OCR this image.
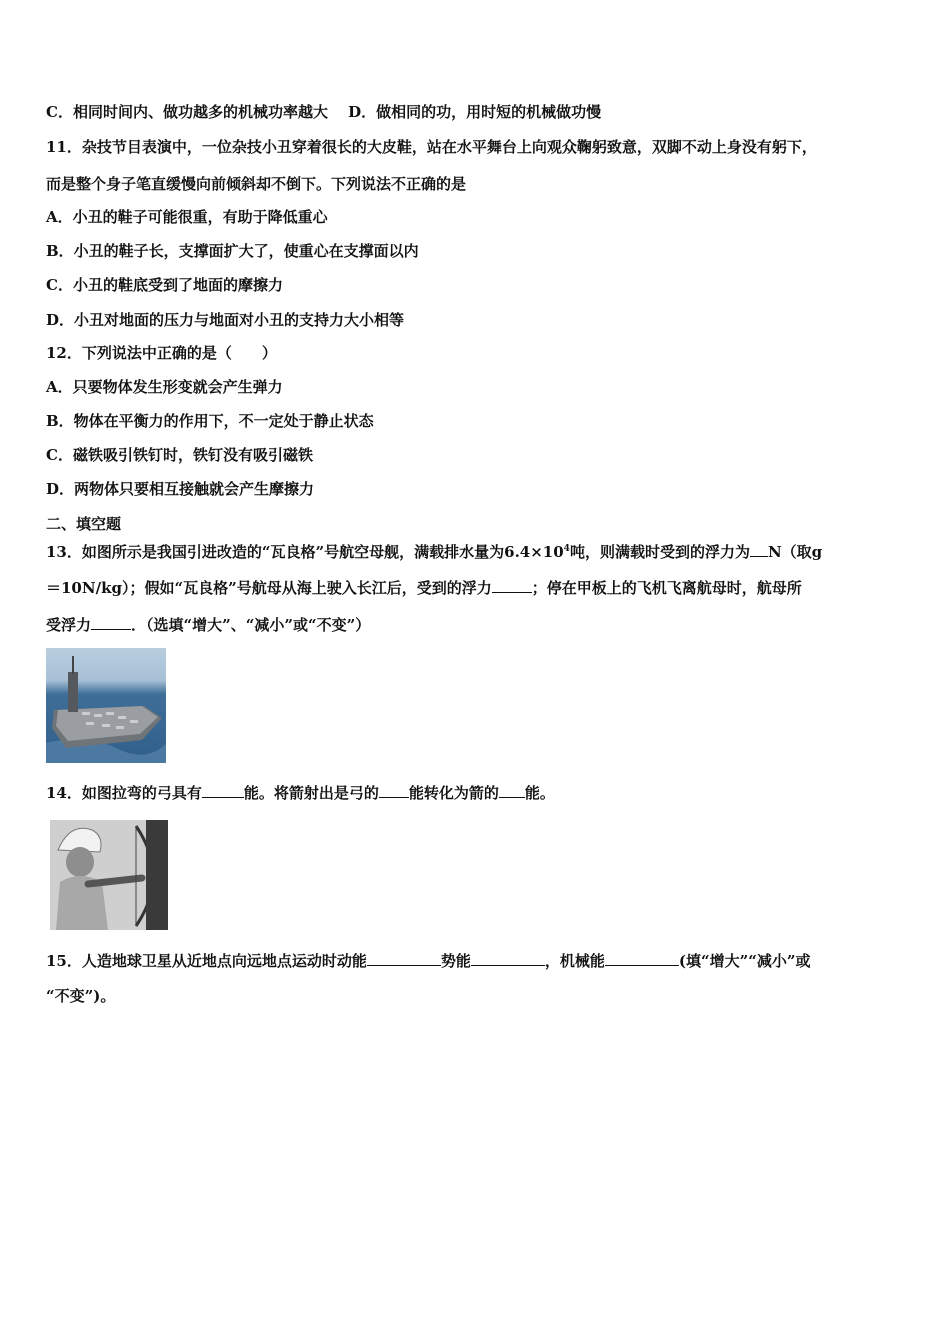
C．相同时间内、做功越多的机械功率越大　 D．做相同的功，用时短的机械做功慢
11．杂技节目表演中，一位杂技小丑穿着很长的大皮鞋，站在水平舞台上向观众鞠躬致意，双脚不动上身没有躬下，
而是整个身子笔直缓慢向前倾斜却不倒下。下列说法不正确的是
A．小丑的鞋子可能很重，有助于降低重心
B．小丑的鞋子长，支撑面扩大了，使重心在支撑面以内
C．小丑的鞋底受到了地面的摩擦力
D．小丑对地面的压力与地面对小丑的支持力大小相等
12．下列说法中正确的是（　　）
A．只要物体发生形变就会产生弹力
B．物体在平衡力的作用下，不一定处于静止状态
C．磁铁吸引铁钉时，铁钉没有吸引磁铁
D．两物体只要相互接触就会产生摩擦力
二、填空题
13．如图所示是我国引进改造的“瓦良格”号航空母舰，满载排水量为$6.4\times 10^4$吨，则满载时受到的浮力为 N（取g
＝10N/kg）；假如“瓦良格”号航母从海上驶入长江后，受到的浮力	；停在甲板上的飞机飞离航母时，航母所
受浮力	．（选填“增大”、“减小”或“不变”）
14．如图拉弯的弓具有	能。将箭射出是弓的 能转化为箭的 能。
15．人造地球卫星从近地点向远地点运动时动能	势能	，机械能	(填“增大”“减小”或
“不变”)。
